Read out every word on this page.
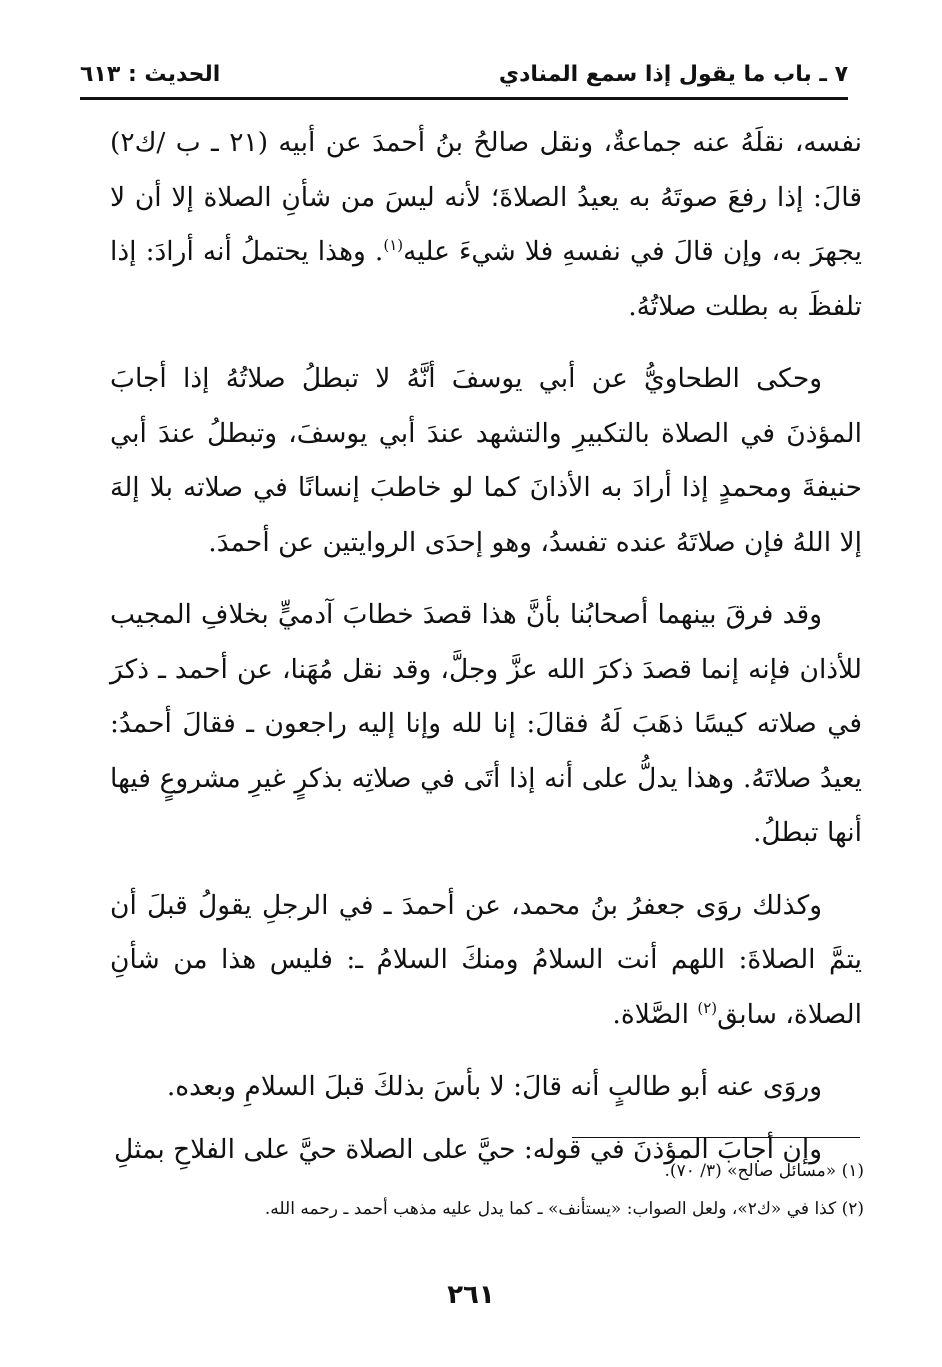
الحديث : ٦١٣	٧ ـ باب ما يقول إذا سمع المنادي

نفسه، نقلَهُ عنه جماعةٌ، ونقل صالحُ بنُ أحمدَ عن أبيه (٢١ ـ ب /ك٢) قالَ: إذا رفعَ صوتَهُ به يعيدُ الصلاةَ؛ لأنه ليسَ من شأنِ الصلاة إلا أن لا يجهرَ به، وإن قالَ في نفسهِ فلا شيءَ عليه$^{(١)}$. وهذا يحتملُ أنه أرادَ: إذا تلفظَ به بطلت صلاتُهُ.

وحكى الطحاويُّ عن أبي يوسفَ أنَّهُ لا تبطلُ صلاتُهُ إذا أجابَ المؤذنَ في الصلاة بالتكبيرِ والتشهد عندَ أبي يوسفَ، وتبطلُ عندَ أبي حنيفةَ ومحمدٍ إذا أرادَ به الأذانَ كما لو خاطبَ إنسانًا في صلاته بلا إلهَ إلا اللهُ فإن صلاتَهُ عنده تفسدُ، وهو إحدَى الروايتين عن أحمدَ.

وقد فرقَ بينهما أصحابُنا بأنَّ هذا قصدَ خطابَ آدميٍّ بخلافِ المجيب للأذان فإنه إنما قصدَ ذكرَ الله عزَّ وجلَّ، وقد نقل مُهَنا، عن أحمد ـ ذكرَ في صلاته كيسًا ذهَبَ لَهُ فقالَ: إنا لله وإنا إليه راجعون ـ فقالَ أحمدُ: يعيدُ صلاتَهُ. وهذا يدلُّ على أنه إذا أتَى في صلاتِه بذكرٍ غيرِ مشروعٍ فيها أنها تبطلُ.

وكذلك روَى جعفرُ بنُ محمد، عن أحمدَ ـ في الرجلِ يقولُ قبلَ أن يتمَّ الصلاةَ: اللهم أنت السلامُ ومنكَ السلامُ ـ: فليس هذا من شأنِ الصلاة، سابق$^{(٢)}$ الصَّلاة.

وروَى عنه أبو طالبٍ أنه قالَ: لا بأسَ بذلكَ قبلَ السلامِ وبعده.

وإن أجابَ المؤذنَ في قوله: حيَّ على الصلاة حيَّ على الفلاحِ بمثلِ

(١) «مسائل صالح» (٣/ ٧٠).
(٢) كذا في «ك٢»، ولعل الصواب: «يستأنف» ـ كما يدل عليه مذهب أحمد ـ رحمه الله.
٢٦١
